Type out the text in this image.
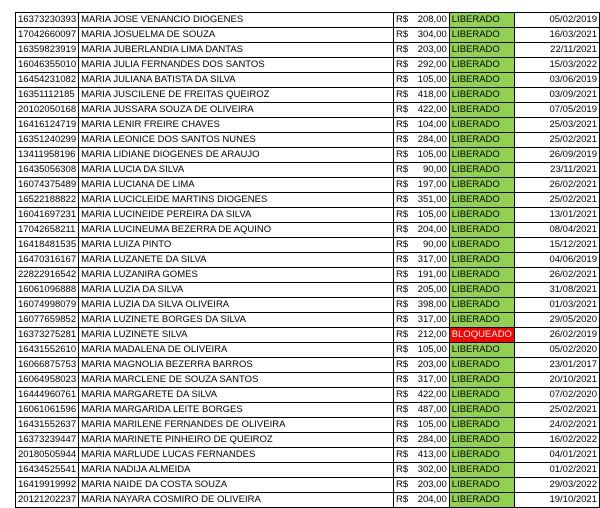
16373230393	MARIA JOSE VENANCIO DIOGENES	R$	208,00	LIBERADO	05/02/2019
17042660097	MARIA JOSUELMA DE SOUZA	R$	304,00	LIBERADO	16/03/2021
16359823919	MARIA JUBERLANDIA LIMA DANTAS	R$	203,00	LIBERADO	22/11/2021
16046355010	MARIA JULIA FERNANDES DOS SANTOS	R$	292,00	LIBERADO	15/03/2022
16454231082	MARIA JULIANA BATISTA DA SILVA	R$	105,00	LIBERADO	03/06/2019
16351112185	MARIA JUSCILENE DE FREITAS QUEIROZ	R$	418,00	LIBERADO	03/09/2021
20102050168	MARIA JUSSARA SOUZA DE OLIVEIRA	R$	422,00	LIBERADO	07/05/2019
16416124719	MARIA LENIR FREIRE CHAVES	R$	104,00	LIBERADO	25/03/2021
16351240299	MARIA LEONICE DOS SANTOS NUNES	R$	284,00	LIBERADO	25/02/2021
13411958196	MARIA LIDIANE DIOGENES DE ARAUJO	R$	105,00	LIBERADO	26/09/2019
16435056308	MARIA LUCIA DA SILVA	R$	90,00	LIBERADO	23/11/2021
16074375489	MARIA LUCIANA DE LIMA	R$	197,00	LIBERADO	26/02/2021
16522188822	MARIA LUCICLEIDE MARTINS DIOGENES	R$	351,00	LIBERADO	25/02/2021
16041697231	MARIA LUCINEIDE PEREIRA DA SILVA	R$	105,00	LIBERADO	13/01/2021
17042658211	MARIA LUCINEUMA BEZERRA DE AQUINO	R$	204,00	LIBERADO	08/04/2021
16418481535	MARIA LUIZA PINTO	R$	90,00	LIBERADO	15/12/2021
16470316167	MARIA LUZANETE DA SILVA	R$	317,00	LIBERADO	04/06/2019
22822916542	MARIA LUZANIRA GOMES	R$	191,00	LIBERADO	26/02/2021
16061096888	MARIA LUZIA DA SILVA	R$	205,00	LIBERADO	31/08/2021
16074998079	MARIA LUZIA DA SILVA OLIVEIRA	R$	398,00	LIBERADO	01/03/2021
16077659852	MARIA LUZINETE BORGES DA SILVA	R$	317,00	LIBERADO	29/05/2020
16373275281	MARIA LUZINETE SILVA	R$	212,00	BLOQUEADO	26/02/2019
16431552610	MARIA MADALENA DE OLIVEIRA	R$	105,00	LIBERADO	05/02/2020
16066875753	MARIA MAGNOLIA BEZERRA BARROS	R$	203,00	LIBERADO	23/01/2017
16064958023	MARIA MARCLENE DE SOUZA SANTOS	R$	317,00	LIBERADO	20/10/2021
16444960761	MARIA MARGARETE DA SILVA	R$	422,00	LIBERADO	07/02/2020
16061061596	MARIA MARGARIDA LEITE BORGES	R$	487,00	LIBERADO	25/02/2021
16431552637	MARIA MARILENE FERNANDES DE OLIVEIRA	R$	105,00	LIBERADO	24/02/2021
16373239447	MARIA MARINETE PINHEIRO DE QUEIROZ	R$	284,00	LIBERADO	16/02/2022
20180505944	MARIA MARLUDE LUCAS FERNANDES	R$	413,00	LIBERADO	04/01/2021
16434525541	MARIA NADIJA ALMEIDA	R$	302,00	LIBERADO	01/02/2021
16419919992	MARIA NAIDE DA COSTA SOUZA	R$	203,00	LIBERADO	29/03/2022
20121202237	MARIA NAYARA COSMIRO DE OLIVEIRA	R$	204,00	LIBERADO	19/10/2021
